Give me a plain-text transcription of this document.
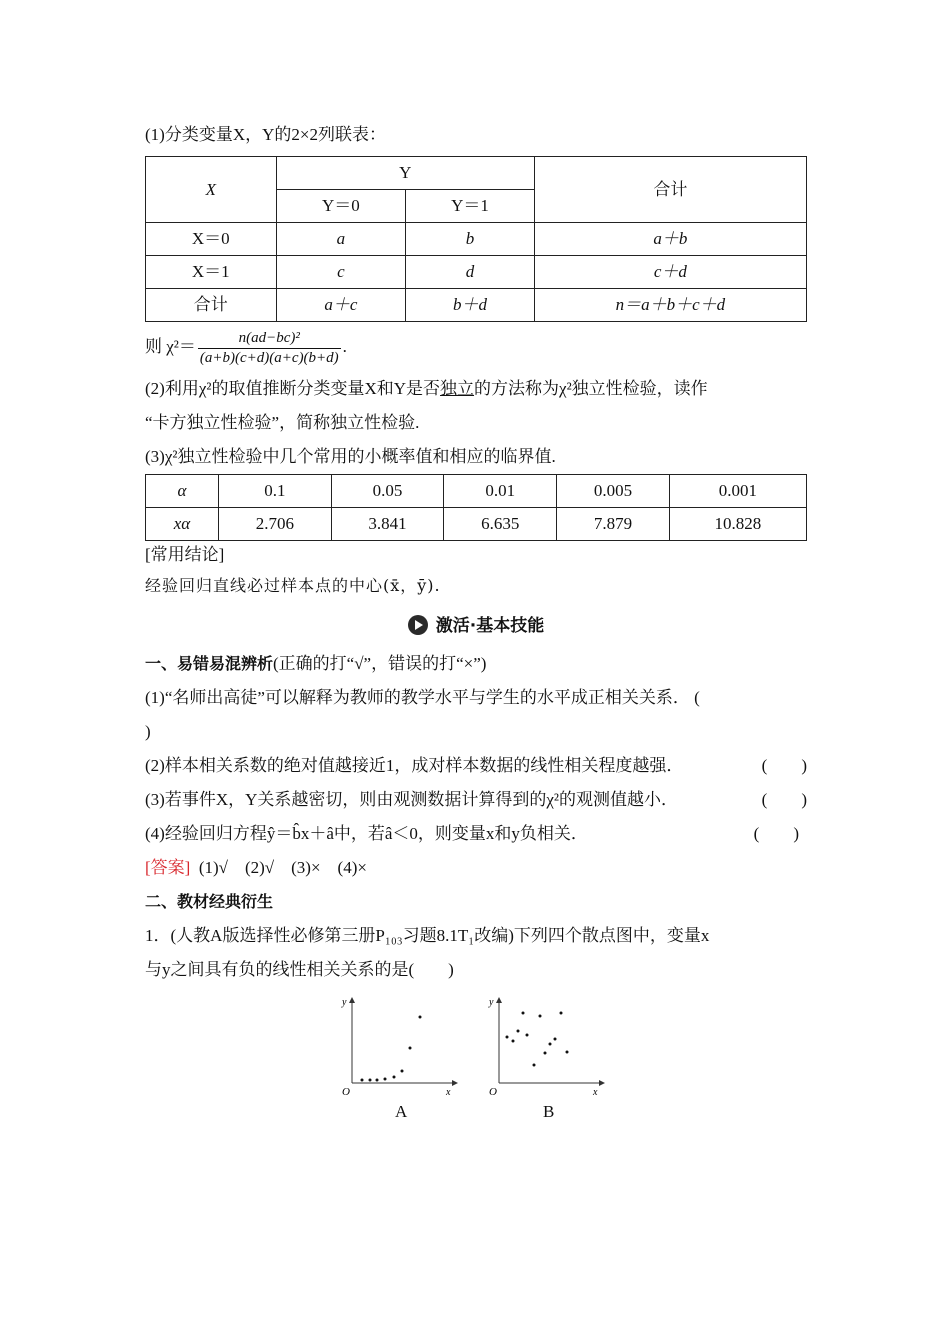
(1)分类变量X，Y的2×2列联表：
X	Y		合计
	Y＝0	Y＝1	
X＝0	a	b	a＋b
X＝1	c	d	c＋d
合计	a＋c	b＋d	n＝a＋b＋c＋d
则 $\chi^2= \frac{\text{n(ad−bc)²}}{(a+b)(c+d)(a+c)(b+d)}$ .
(2)利用χ²的取值推断分类变量X和Y是否独立的方法称为χ²独立性检验，读作
“卡方独立性检验”，简称独立性检验.
(3)χ²独立性检验中几个常用的小概率值和相应的临界值.
α	0.1	0.05	0.01	0.005	0.001
xα	2.706	3.841	6.635	7.879	10.828
[常用结论]
经验回归直线必过样本点的中心(x̄，ȳ).
激活·基本技能
一、易错易混辨析(正确的打“√”，错误的打“×”)
(1)“名师出高徒”可以解释为教师的教学水平与学生的水平成正相关关系． (
)
(2)样本相关系数的绝对值越接近1，成对样本数据的线性相关程度越强．	(　　)
(3)若事件X，Y关系越密切，则由观测数据计算得到的χ²的观测值越小．	(　　)
(4)经验回归方程ŷ＝b̂x＋â中，若â＜0，则变量x和y负相关．	(　　)
[答案] (1)√　(2)√　(3)×　(4)×
二、教材经典衍生
1．(人教A版选择性必修第三册P₁₀₃习题8.1T₁改编)下列四个散点图中，变量x
与y之间具有负的线性相关关系的是(　　)
y
x
O
A
y
x
O
B
